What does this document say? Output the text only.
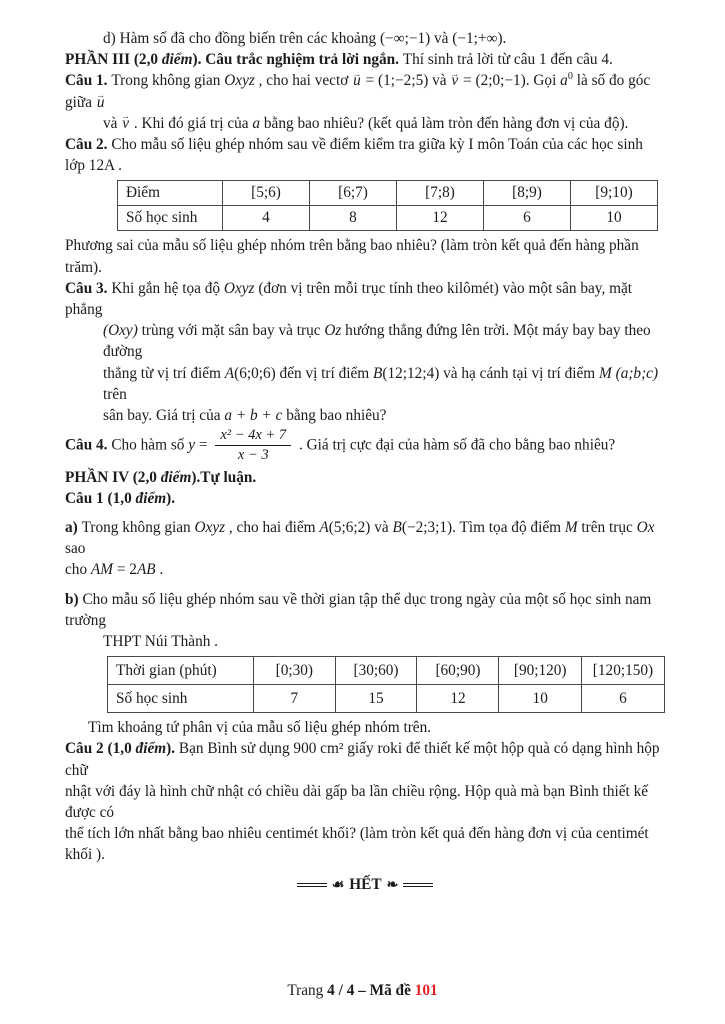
d) Hàm số đã cho đồng biến trên các khoảng (−∞;−1) và (−1;+∞).
PHẦN III (2,0 điểm). Câu trắc nghiệm trả lời ngắn. Thí sinh trả lời từ câu 1 đến câu 4.
Câu 1. Trong không gian Oxyz , cho hai vectơ u → = (1;−2;5) và v → = (2;0;−1). Gọi $a^0$ là số đo góc giữa u →
và v → . Khi đó giá trị của a bằng bao nhiêu? (kết quả làm tròn đến hàng đơn vị của độ).
Câu 2. Cho mẫu số liệu ghép nhóm sau về điểm kiểm tra giữa kỳ I môn Toán của các học sinh lớp 12A .
Điểm	[5;6)	[6;7)	[7;8)	[8;9)	[9;10)
Số học sinh	4	8	12	6	10
Phương sai của mẫu số liệu ghép nhóm trên bằng bao nhiêu? (làm tròn kết quả đến hàng phần trăm).
Câu 3. Khi gắn hệ tọa độ Oxyz (đơn vị trên mỗi trục tính theo kilômét) vào một sân bay, mặt phẳng
(Oxy) trùng với mặt sân bay và trục Oz hướng thẳng đứng lên trời. Một máy bay bay theo đường
thẳng từ vị trí điểm A(6;0;6) đến vị trí điểm B(12;12;4) và hạ cánh tại vị trí điểm M (a;b;c) trên
sân bay. Giá trị của a + b + c bằng bao nhiêu?
Câu 4. Cho hàm số $y = \frac{\text{x² − 4x + 7}}{x - 3}$ . Giá trị cực đại của hàm số đã cho bằng bao nhiêu?
PHẦN IV (2,0 điểm).Tự luận.
Câu 1 (1,0 điểm).
a) Trong không gian Oxyz , cho hai điểm A(5;6;2) và B(−2;3;1). Tìm tọa độ điểm M trên trục Ox sao
cho AM = 2AB .
b) Cho mẫu số liệu ghép nhóm sau về thời gian tập thể dục trong ngày của một số học sinh nam trường
THPT Núi Thành .
Thời gian (phút)	[0;30)	[30;60)	[60;90)	[90;120)	[120;150)
Số học sinh	7	15	12	10	6
Tìm khoảng tứ phân vị của mẫu số liệu ghép nhóm trên.
Câu 2 (1,0 điểm). Bạn Bình sử dụng 900 cm² giấy roki để thiết kế một hộp quà có dạng hình hộp chữ
nhật với đáy là hình chữ nhật có chiều dài gấp ba lần chiều rộng. Hộp quà mà bạn Bình thiết kế được có
thể tích lớn nhất bằng bao nhiêu centimét khối? (làm tròn kết quả đến hàng đơn vị của centimét khối ).
☙ HẾT ❧
Trang 4 / 4 – Mã đề 101
